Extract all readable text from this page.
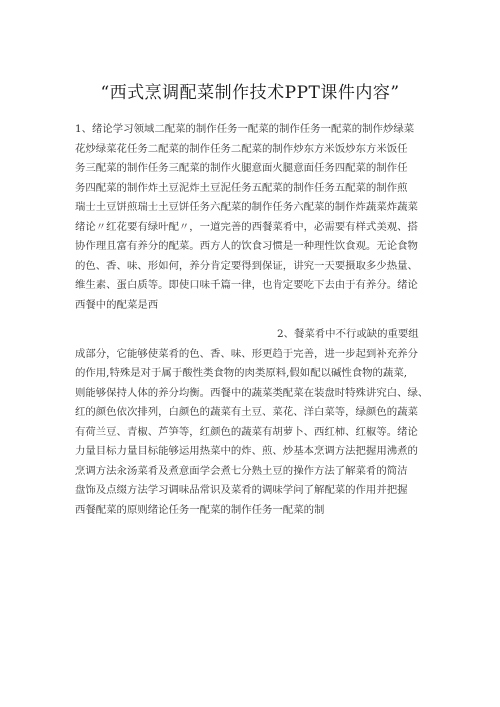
“西式烹调配菜制作技术PPT课件内容”
1、绪论学习领域二配菜的制作任务一配菜的制作任务一配菜的制作炒绿菜
花炒绿菜花任务二配菜的制作任务二配菜的制作炒东方米饭炒东方米饭任
务三配菜的制作任务三配菜的制作火腿意面火腿意面任务四配菜的制作任
务四配菜的制作炸土豆泥炸土豆泥任务五配菜的制作任务五配菜的制作煎
瑞士土豆饼煎瑞士土豆饼任务六配菜的制作任务六配菜的制作炸蔬菜炸蔬菜
绪论〃红花要有绿叶配〃，一道完善的西餐菜肴中，必需要有样式美观、搭
协作理且富有养分的配菜。西方人的饮食习惯是一种理性饮食观。无论食物
的色、香、味、形如何，养分肯定要得到保证，讲究一天要摄取多少热量、
维生素、蛋白质等。即使口味千篇一律，也肯定要吃下去由于有养分。绪论
西餐中的配菜是西
2、餐菜肴中不行或缺的重要组
成部分，它能够使菜肴的色、香、味、形更趋于完善，进一步起到补充养分
的作用,特殊是对于属于酸性类食物的肉类原料,假如配以碱性食物的蔬菜,
则能够保持人体的养分均衡。西餐中的蔬菜类配菜在装盘时特殊讲究白、绿、
红的颜色依次排列，白颜色的蔬菜有土豆、菜花、洋白菜等，绿颜色的蔬菜
有荷兰豆、青椒、芦笋等，红颜色的蔬菜有胡萝卜、西红柿、红椒等。绪论
力量目标力量目标能够运用热菜中的炸、煎、炒基本烹调方法把握用沸煮的
烹调方法汆汤菜肴及煮意面学会煮七分熟土豆的操作方法了解菜肴的简洁
盘饰及点缀方法学习调味品常识及菜肴的调味学问了解配菜的作用并把握
西餐配菜的原则绪论任务一配菜的制作任务一配菜的制
